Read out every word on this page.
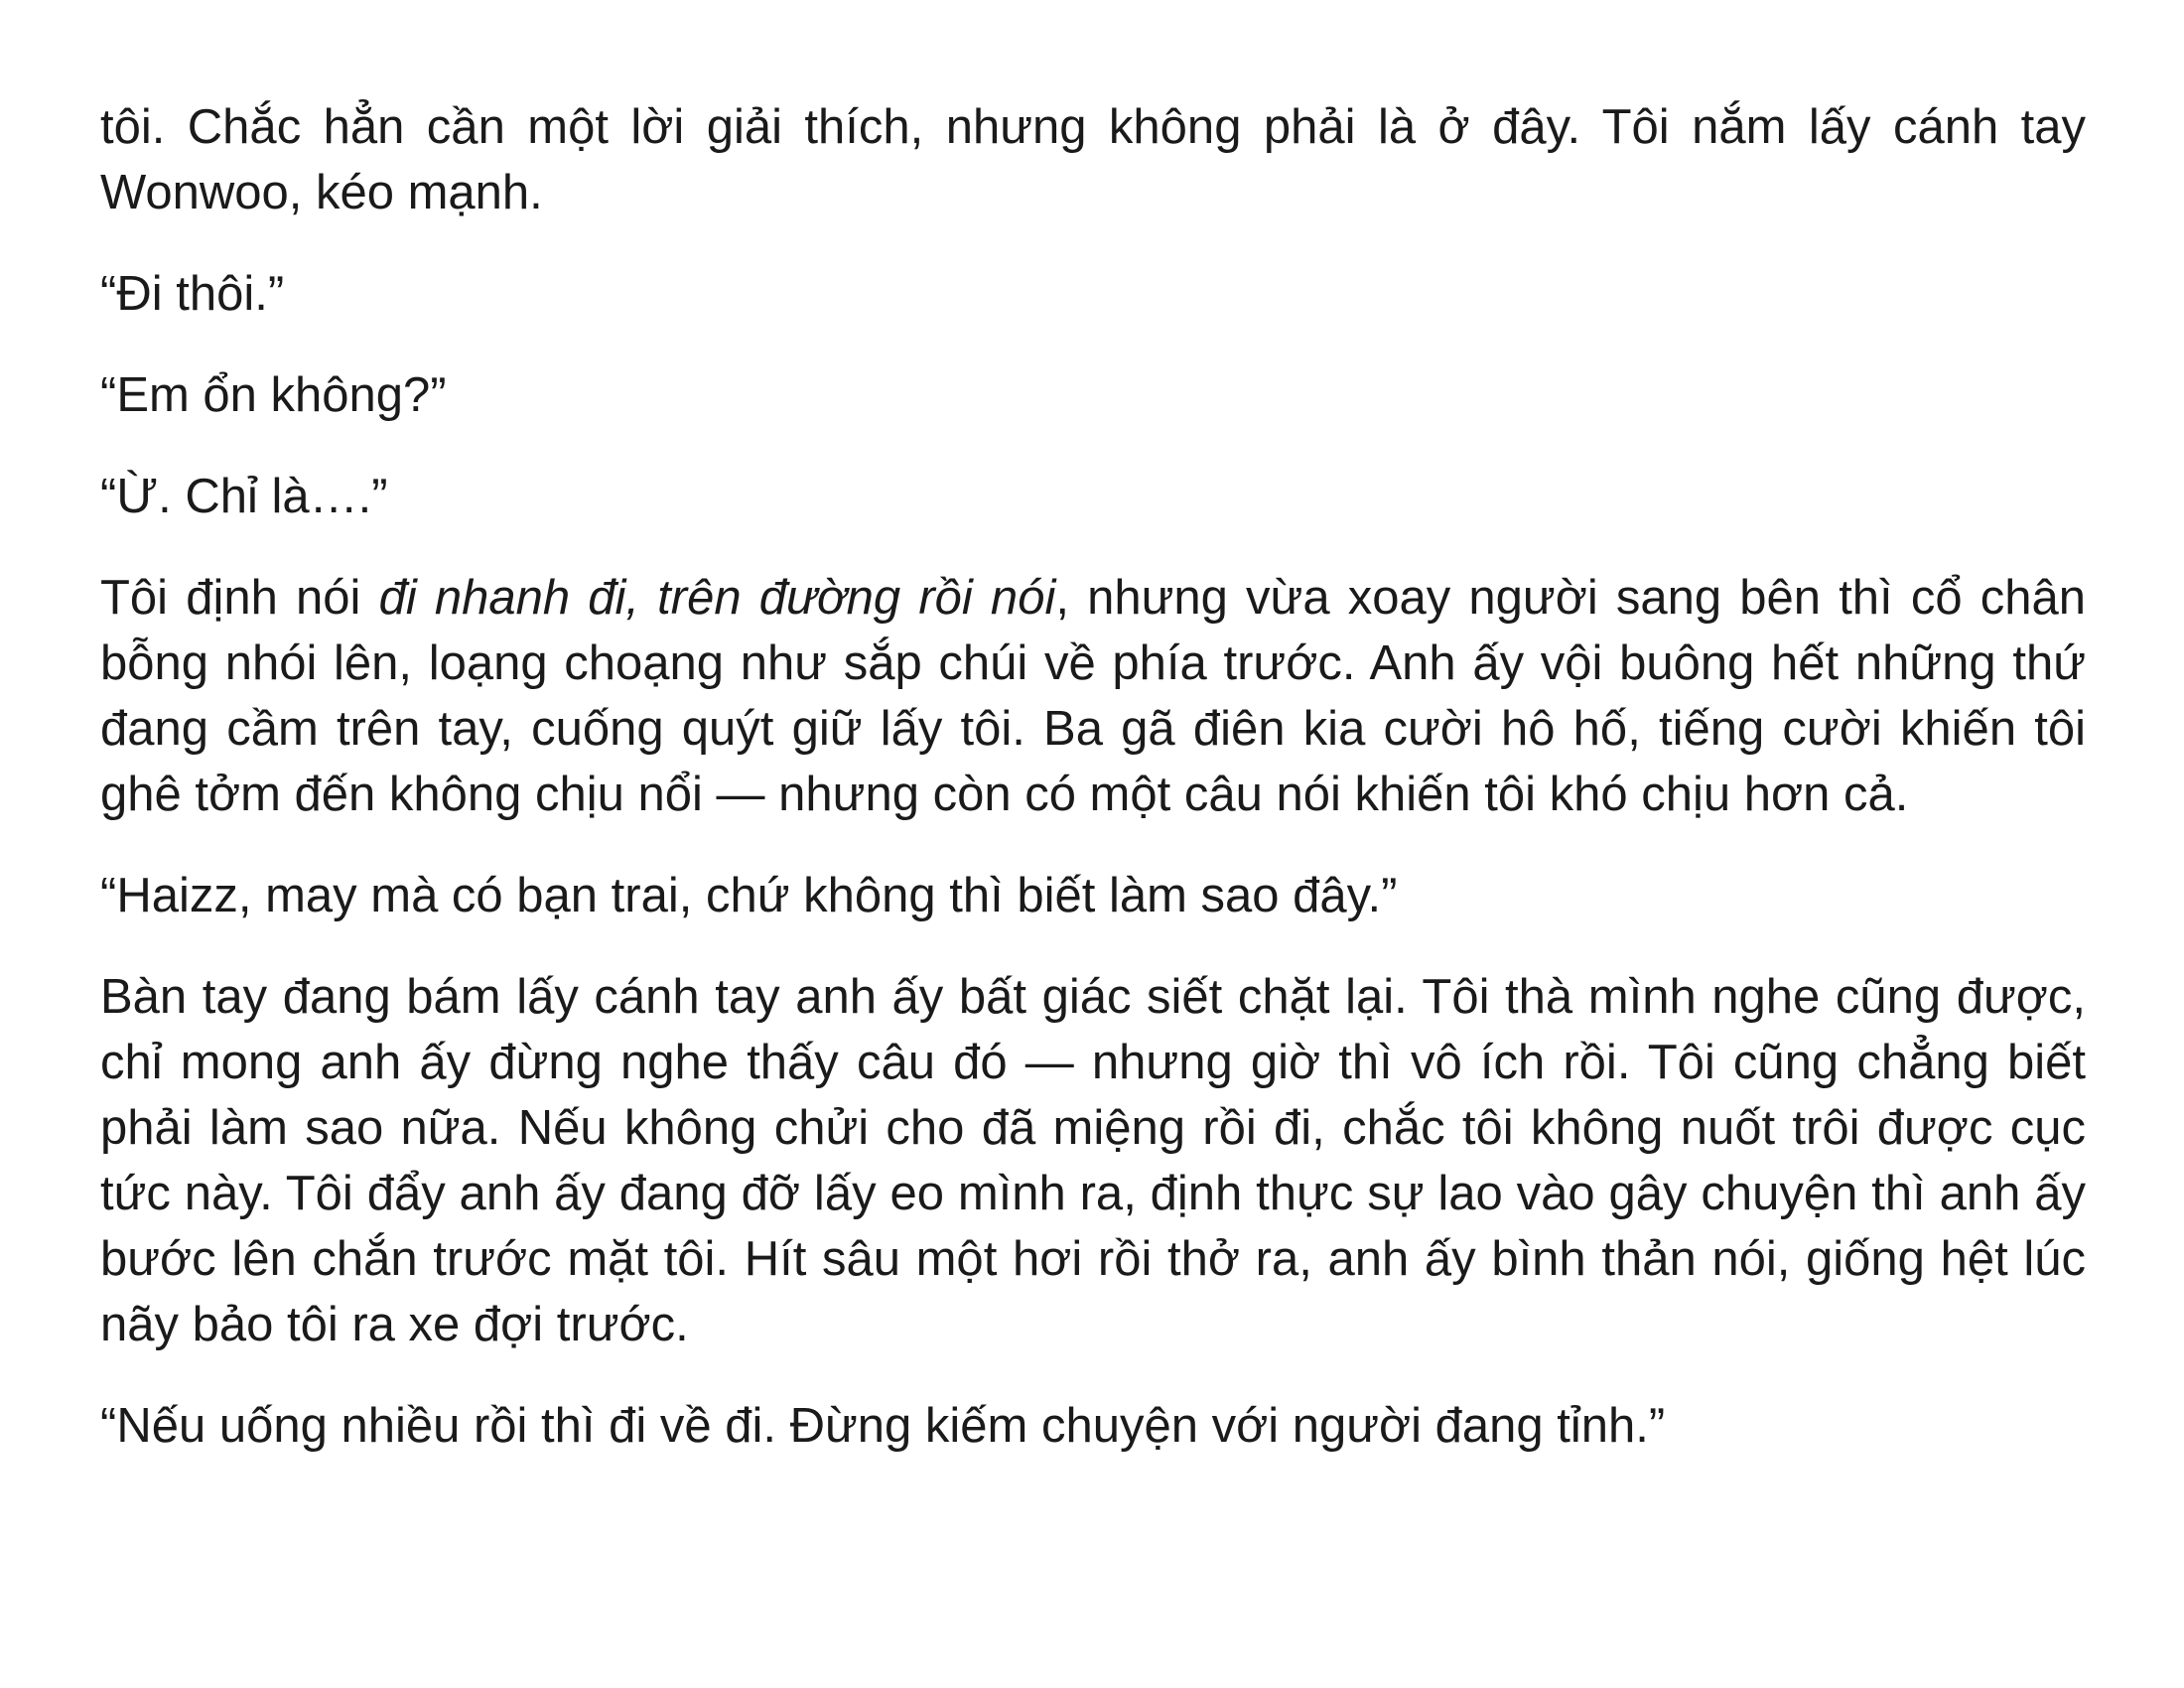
tôi. Chắc hẳn cần một lời giải thích, nhưng không phải là ở đây. Tôi nắm lấy cánh tay Wonwoo, kéo mạnh.

“Đi thôi.”

“Em ổn không?”

“Ừ. Chỉ là….”

Tôi định nói đi nhanh đi, trên đường rồi nói, nhưng vừa xoay người sang bên thì cổ chân bỗng nhói lên, loạng choạng như sắp chúi về phía trước. Anh ấy vội buông hết những thứ đang cầm trên tay, cuống quýt giữ lấy tôi. Ba gã điên kia cười hô hố, tiếng cười khiến tôi ghê tởm đến không chịu nổi — nhưng còn có một câu nói khiến tôi khó chịu hơn cả.

“Haizz, may mà có bạn trai, chứ không thì biết làm sao đây.”

Bàn tay đang bám lấy cánh tay anh ấy bất giác siết chặt lại. Tôi thà mình nghe cũng được, chỉ mong anh ấy đừng nghe thấy câu đó — nhưng giờ thì vô ích rồi. Tôi cũng chẳng biết phải làm sao nữa. Nếu không chửi cho đã miệng rồi đi, chắc tôi không nuốt trôi được cục tức này. Tôi đẩy anh ấy đang đỡ lấy eo mình ra, định thực sự lao vào gây chuyện thì anh ấy bước lên chắn trước mặt tôi. Hít sâu một hơi rồi thở ra, anh ấy bình thản nói, giống hệt lúc nãy bảo tôi ra xe đợi trước.

“Nếu uống nhiều rồi thì đi về đi. Đừng kiếm chuyện với người đang tỉnh.”
